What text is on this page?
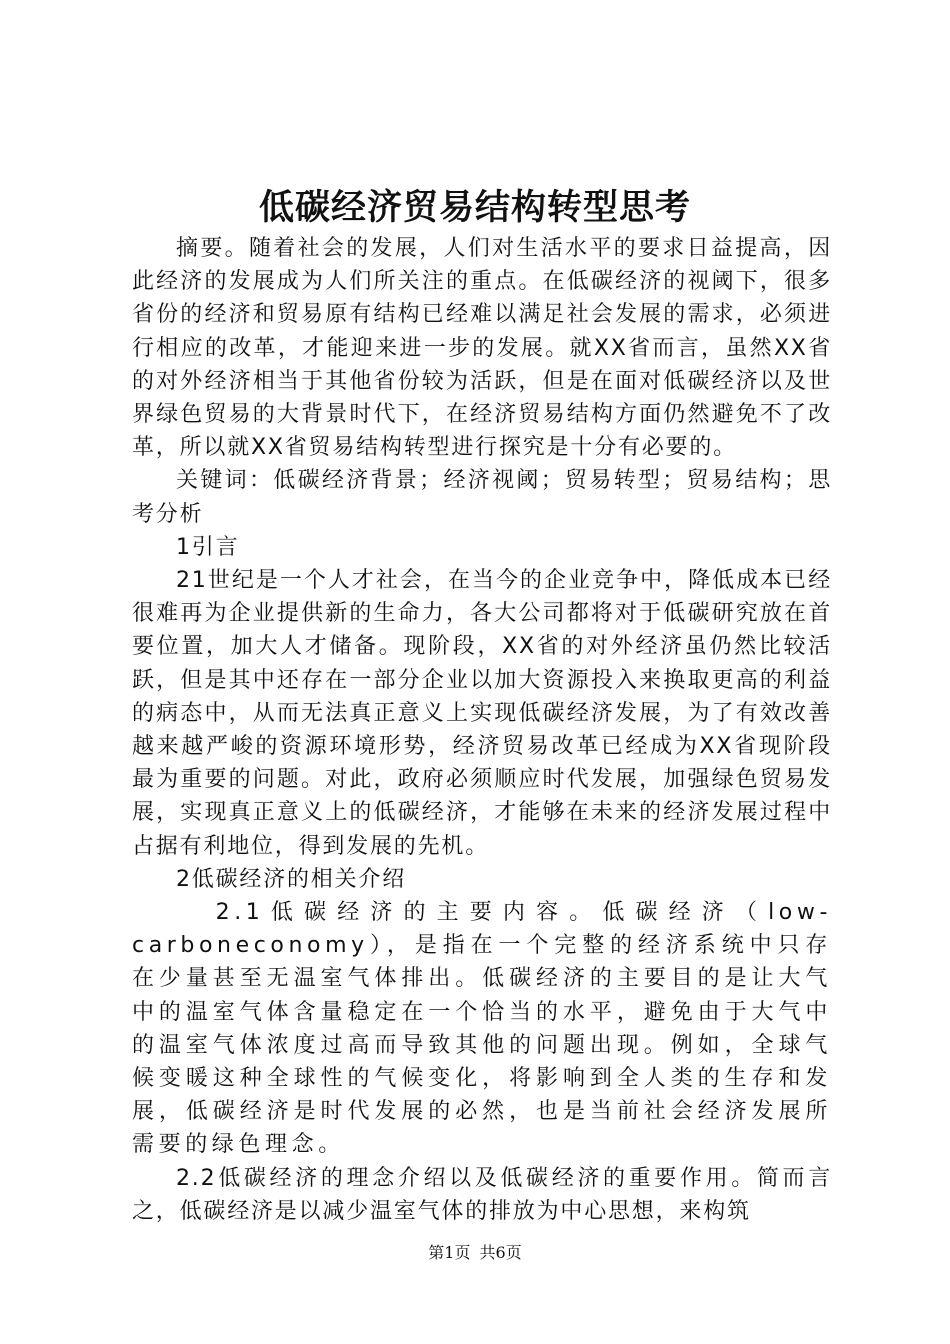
低碳经济贸易结构转型思考

摘要。随着社会的发展，人们对生活水平的要求日益提高，因此经济的发展成为人们所关注的重点。在低碳经济的视阈下，很多省份的经济和贸易原有结构已经难以满足社会发展的需求，必须进行相应的改革，才能迎来进一步的发展。就XX省而言，虽然XX省的对外经济相当于其他省份较为活跃，但是在面对低碳经济以及世界绿色贸易的大背景时代下，在经济贸易结构方面仍然避免不了改革，所以就XX省贸易结构转型进行探究是十分有必要的。

关键词：低碳经济背景；经济视阈；贸易转型；贸易结构；思考分析

1引言

21世纪是一个人才社会，在当今的企业竞争中，降低成本已经很难再为企业提供新的生命力，各大公司都将对于低碳研究放在首要位置，加大人才储备。现阶段，XX省的对外经济虽仍然比较活跃，但是其中还存在一部分企业以加大资源投入来换取更高的利益的病态中，从而无法真正意义上实现低碳经济发展，为了有效改善越来越严峻的资源环境形势，经济贸易改革已经成为XX省现阶段最为重要的问题。对此，政府必须顺应时代发展，加强绿色贸易发展，实现真正意义上的低碳经济，才能够在未来的经济发展过程中占据有利地位，得到发展的先机。

2低碳经济的相关介绍

2.1低碳经济的主要内容。低碳经济（low-carboneconomy），是指在一个完整的经济系统中只存在少量甚至无温室气体排出。低碳经济的主要目的是让大气中的温室气体含量稳定在一个恰当的水平，避免由于大气中的温室气体浓度过高而导致其他的问题出现。例如，全球气候变暖这种全球性的气候变化，将影响到全人类的生存和发展，低碳经济是时代发展的必然，也是当前社会经济发展所需要的绿色理念。

2.2低碳经济的理念介绍以及低碳经济的重要作用。简而言之，低碳经济是以减少温室气体的排放为中心思想，来构筑

第1页 共6页
